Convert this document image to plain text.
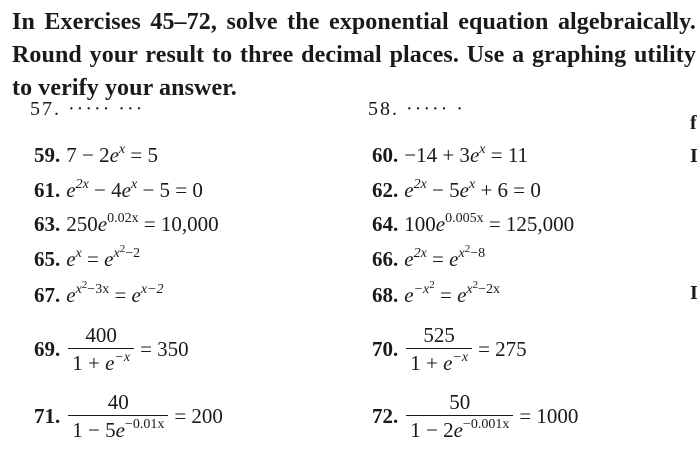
In Exercises 45–72, solve the exponential equation algebraically. Round your result to three decimal places. Use a graphing utility to verify your answer.
57. ····· ···	58. ····· ·
f
I
I
59. $7 - 2e^x = 5$	60. $-14 + 3e^x = 11$
61. $e^{2x} - 4e^x - 5 = 0$	62. $e^{2x} - 5e^x + 6 = 0$
63. $250e^{0.02x} = 10,000$	64. $100e^{0.005x} = 125,000$
65. $e^x = e^{x^2-2}$	66. $e^{2x} = e^{x^2-8}$
67. $e^{x^2-3x} = e^{x-2}$	68. $e^{-x^2} = e^{x^2-2x}$
69. $\frac{400}{1 + e^{-x}} = 350$	70. $\frac{525}{1 + e^{-x}} = 275$
71. $\frac{40}{1 - 5e^{-0.01x}} = 200$	72. $\frac{50}{1 - 2e^{-0.001x}} = 1000$
